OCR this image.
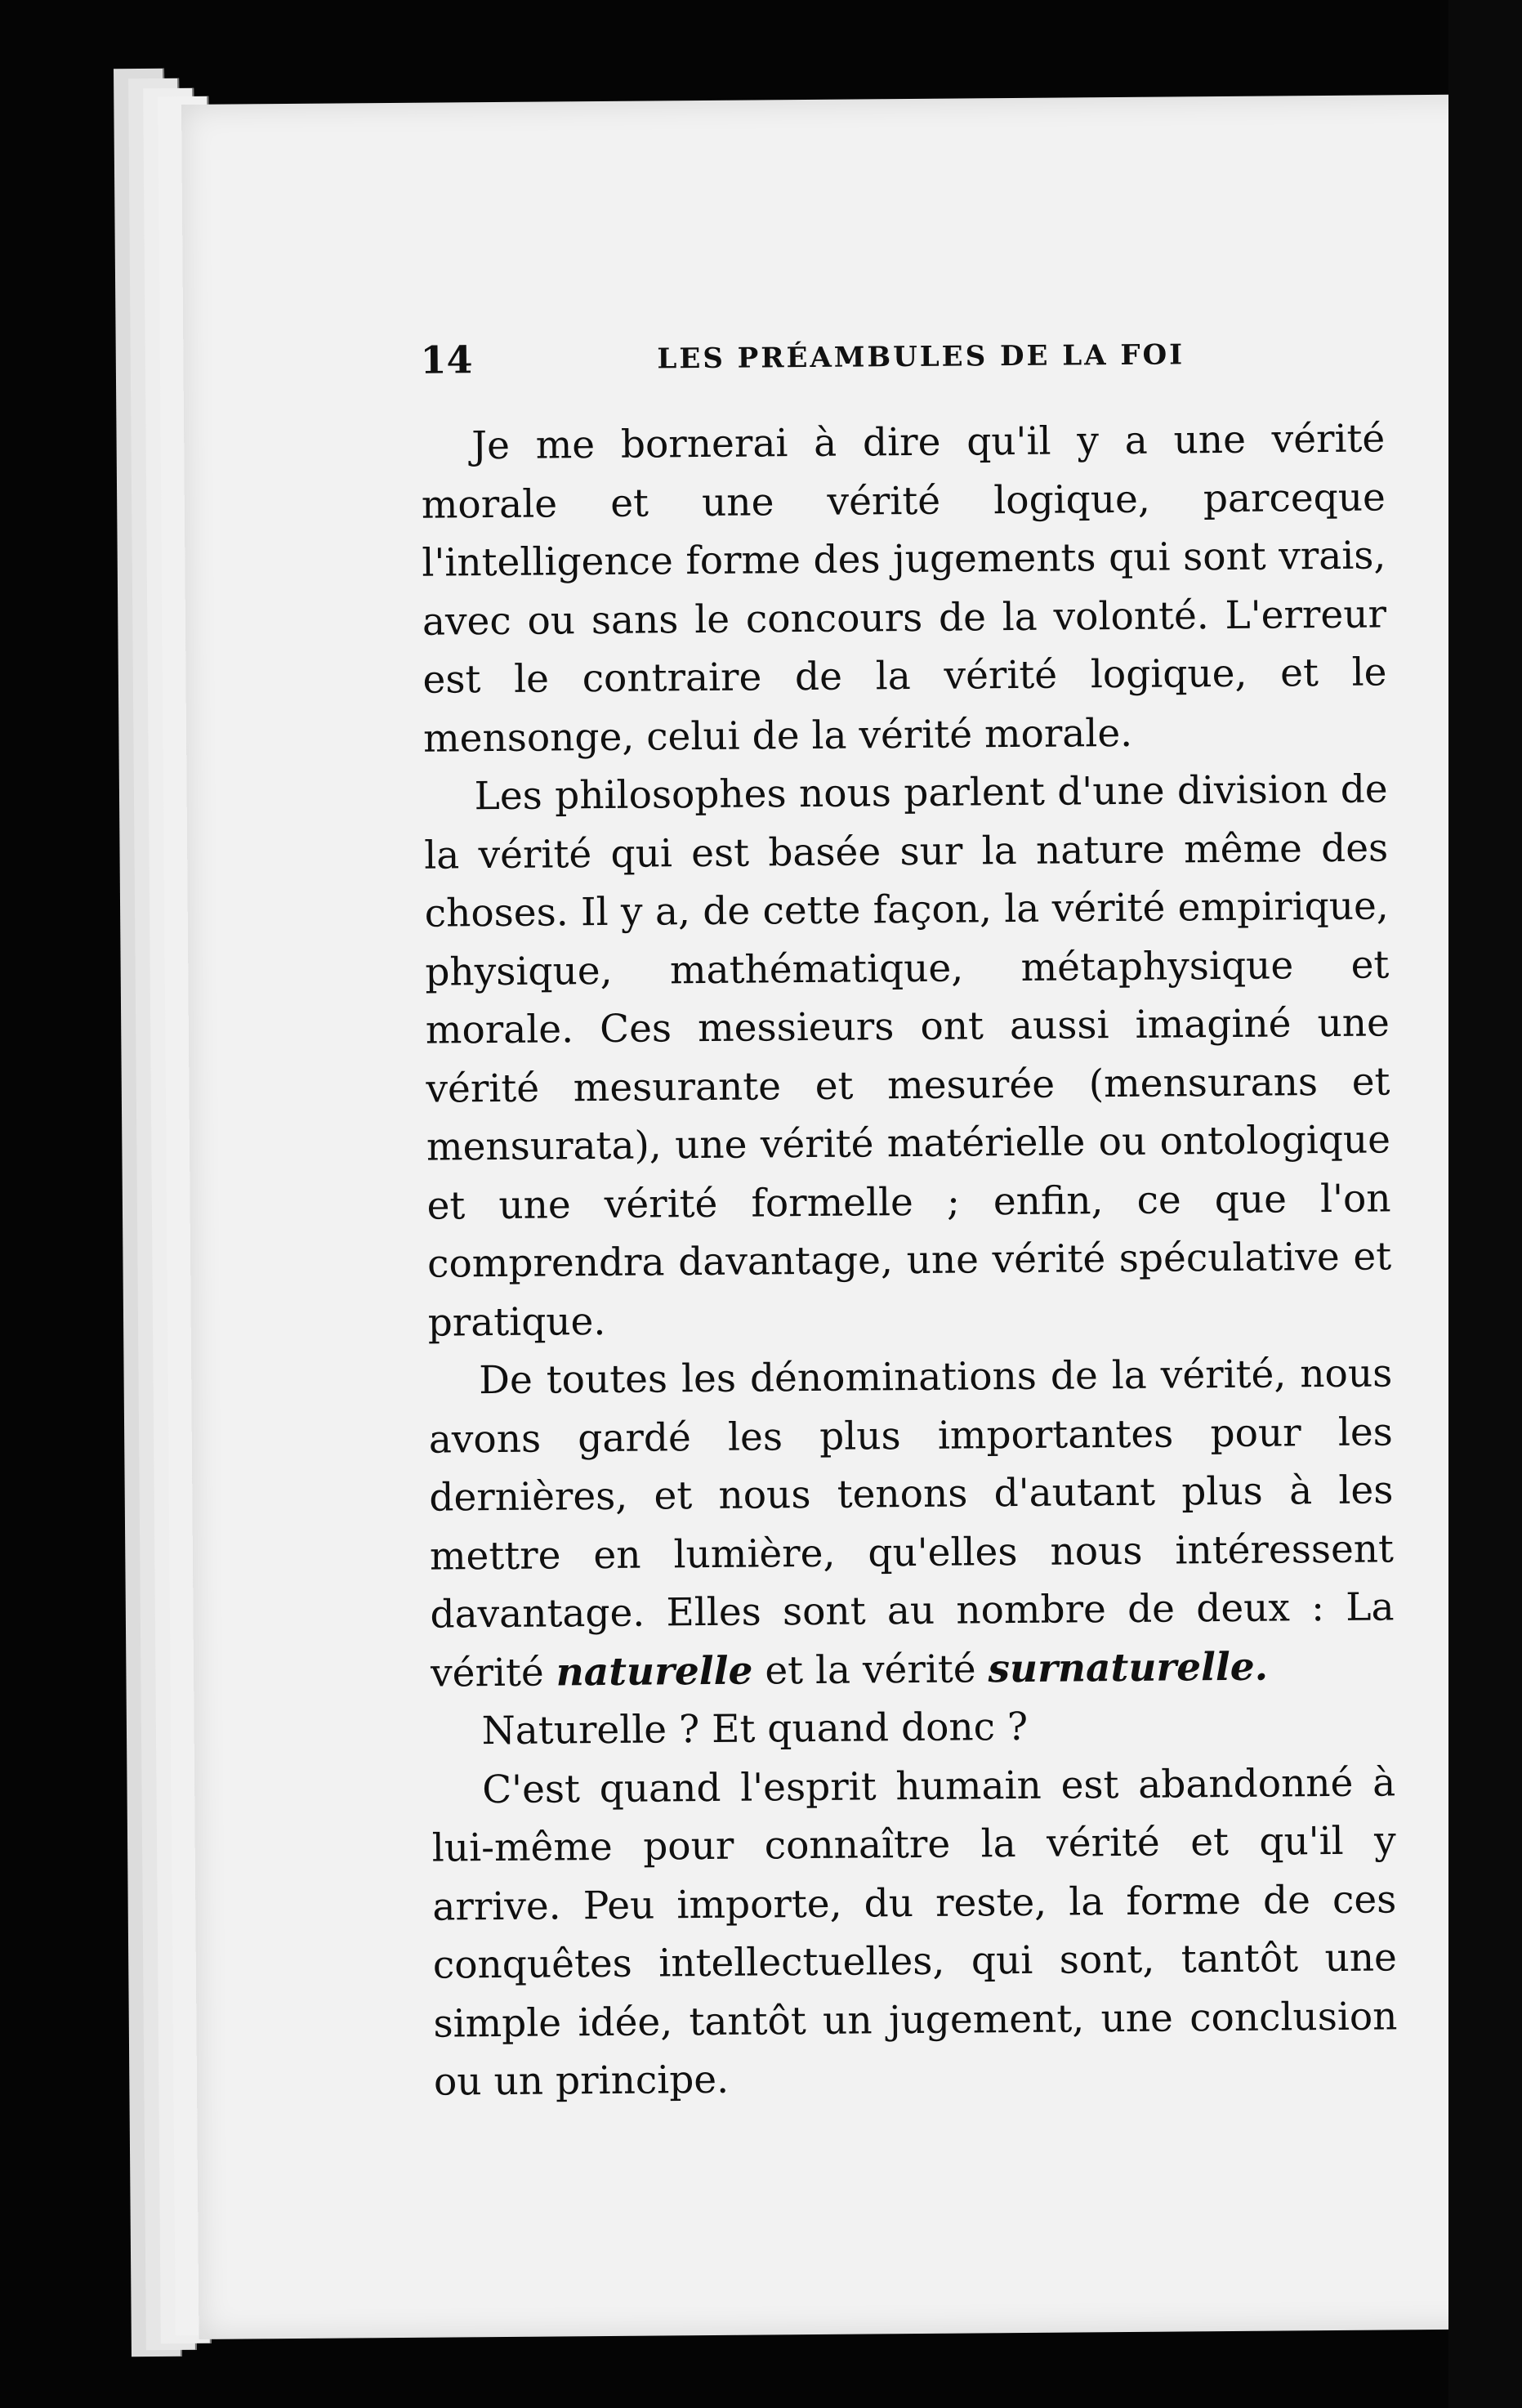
14	LES PRÉAMBULES DE LA FOI

Je me bornerai à dire qu'il y a une vérité morale et une vérité logique, parceque l'intelligence forme des jugements qui sont vrais, avec ou sans le concours de la volonté. L'erreur est le contraire de la vérité logique, et le mensonge, celui de la vérité morale.

Les philosophes nous parlent d'une division de la vérité qui est basée sur la nature même des choses. Il y a, de cette façon, la vérité empirique, physique, mathématique, métaphysique et morale. Ces messieurs ont aussi imaginé une vérité mesurante et mesurée (mensurans et mensurata), une vérité matérielle ou ontologique et une vérité formelle ; enfin, ce que l'on comprendra davantage, une vérité spéculative et pratique.

De toutes les dénominations de la vérité, nous avons gardé les plus importantes pour les dernières, et nous tenons d'autant plus à les mettre en lumière, qu'elles nous intéressent davantage. Elles sont au nombre de deux : La vérité naturelle et la vérité surnaturelle.

Naturelle ? Et quand donc ?

C'est quand l'esprit humain est abandonné à lui-même pour connaître la vérité et qu'il y arrive. Peu importe, du reste, la forme de ces conquêtes intellectuelles, qui sont, tantôt une simple idée, tantôt un jugement, une conclusion ou un principe.
